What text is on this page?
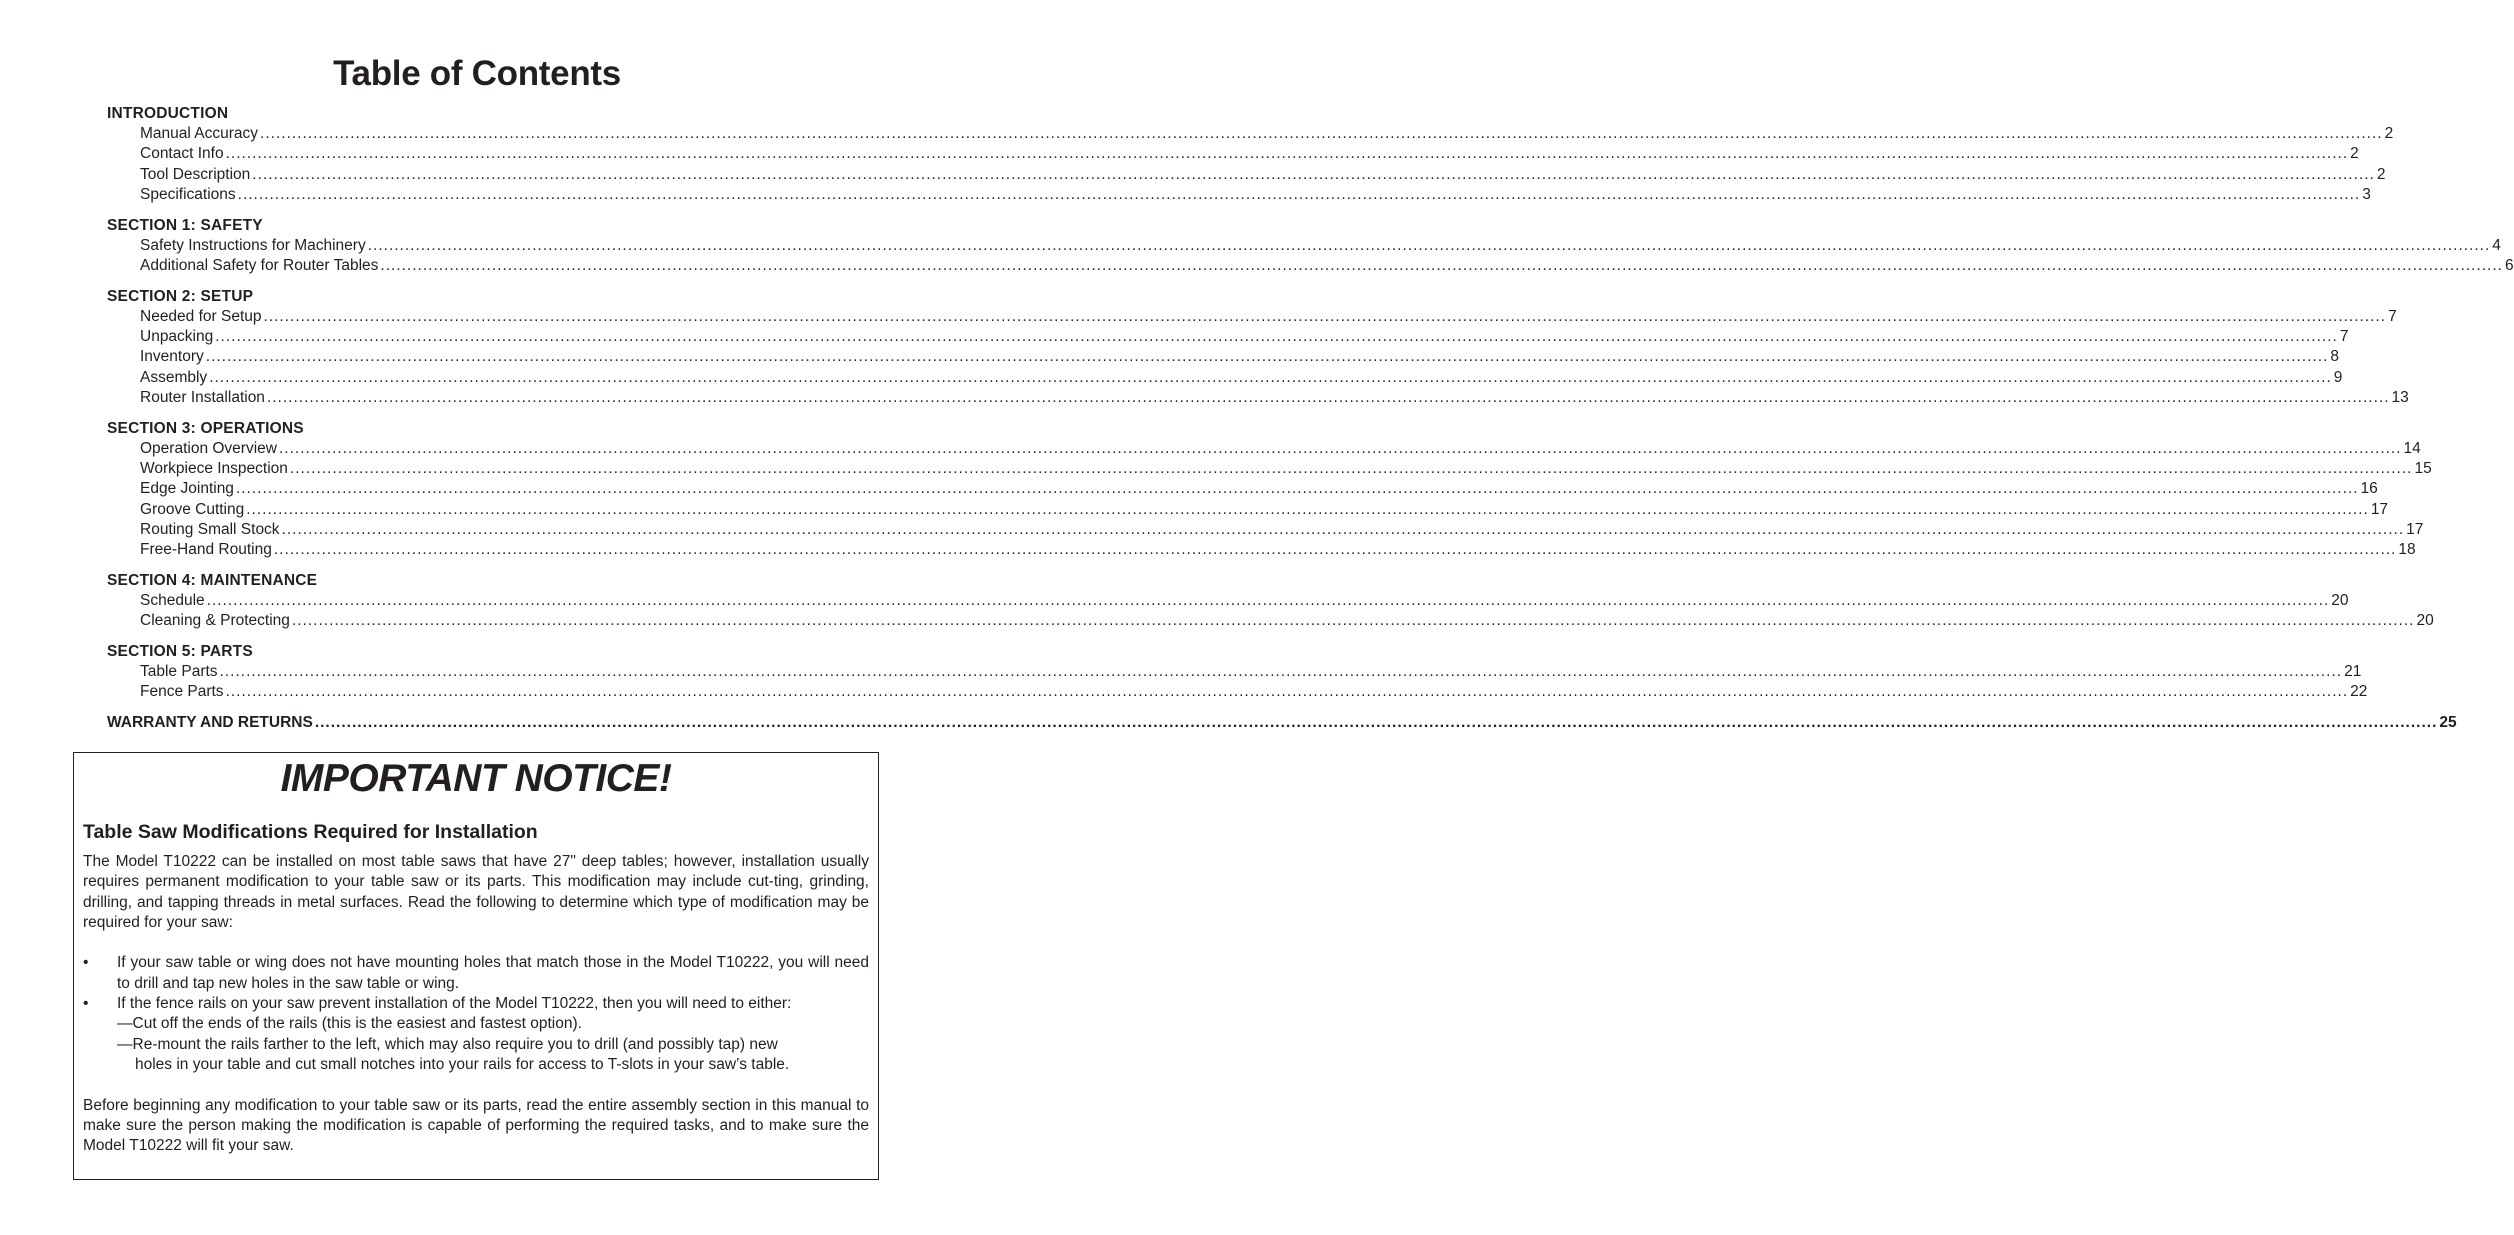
Table of Contents
INTRODUCTION
Manual Accuracy ................................................................................................................................................................................................................................................................................................................................................................................................................ 2
Contact Info ................................................................................................................................................................................................................................................................................................................................................................................................................ 2
Tool Description ................................................................................................................................................................................................................................................................................................................................................................................................................ 2
Specifications ................................................................................................................................................................................................................................................................................................................................................................................................................ 3
SECTION 1: SAFETY
Safety Instructions for Machinery ................................................................................................................................................................................................................................................................................................................................................................................................................ 4
Additional Safety for Router Tables ................................................................................................................................................................................................................................................................................................................................................................................................................ 6
SECTION 2: SETUP
Needed for Setup ................................................................................................................................................................................................................................................................................................................................................................................................................ 7
Unpacking ................................................................................................................................................................................................................................................................................................................................................................................................................ 7
Inventory ................................................................................................................................................................................................................................................................................................................................................................................................................ 8
Assembly ................................................................................................................................................................................................................................................................................................................................................................................................................ 9
Router Installation ................................................................................................................................................................................................................................................................................................................................................................................................................ 13
SECTION 3: OPERATIONS
Operation Overview ................................................................................................................................................................................................................................................................................................................................................................................................................ 14
Workpiece Inspection ................................................................................................................................................................................................................................................................................................................................................................................................................ 15
Edge Jointing ................................................................................................................................................................................................................................................................................................................................................................................................................ 16
Groove Cutting ................................................................................................................................................................................................................................................................................................................................................................................................................ 17
Routing Small Stock ................................................................................................................................................................................................................................................................................................................................................................................................................ 17
Free-Hand Routing ................................................................................................................................................................................................................................................................................................................................................................................................................ 18
SECTION 4: MAINTENANCE
Schedule ................................................................................................................................................................................................................................................................................................................................................................................................................ 20
Cleaning & Protecting ................................................................................................................................................................................................................................................................................................................................................................................................................ 20
SECTION 5: PARTS
Table Parts ................................................................................................................................................................................................................................................................................................................................................................................................................ 21
Fence Parts ................................................................................................................................................................................................................................................................................................................................................................................................................ 22
WARRANTY AND RETURNS ................................................................................................................................................................................................................................................................................................................................................................................................................ 25
IMPORTANT NOTICE!
Table Saw Modifications Required for Installation

The Model T10222 can be installed on most table saws that have 27" deep tables; however, installation usually requires permanent modification to your table saw or its parts. This modification may include cut-ting, grinding, drilling, and tapping threads in metal surfaces. Read the following to determine which type of modification may be required for your saw:

• If your saw table or wing does not have mounting holes that match those in the Model T10222, you will need to drill and tap new holes in the saw table or wing.
• If the fence rails on your saw prevent installation of the Model T10222, then you will need to either:
—Cut off the ends of the rails (this is the easiest and fastest option).
—Re-mount the rails farther to the left, which may also require you to drill (and possibly tap) new
holes in your table and cut small notches into your rails for access to T-slots in your saw’s table.

Before beginning any modification to your table saw or its parts, read the entire assembly section in this manual to make sure the person making the modification is capable of performing the required tasks, and to make sure the Model T10222 will fit your saw.
